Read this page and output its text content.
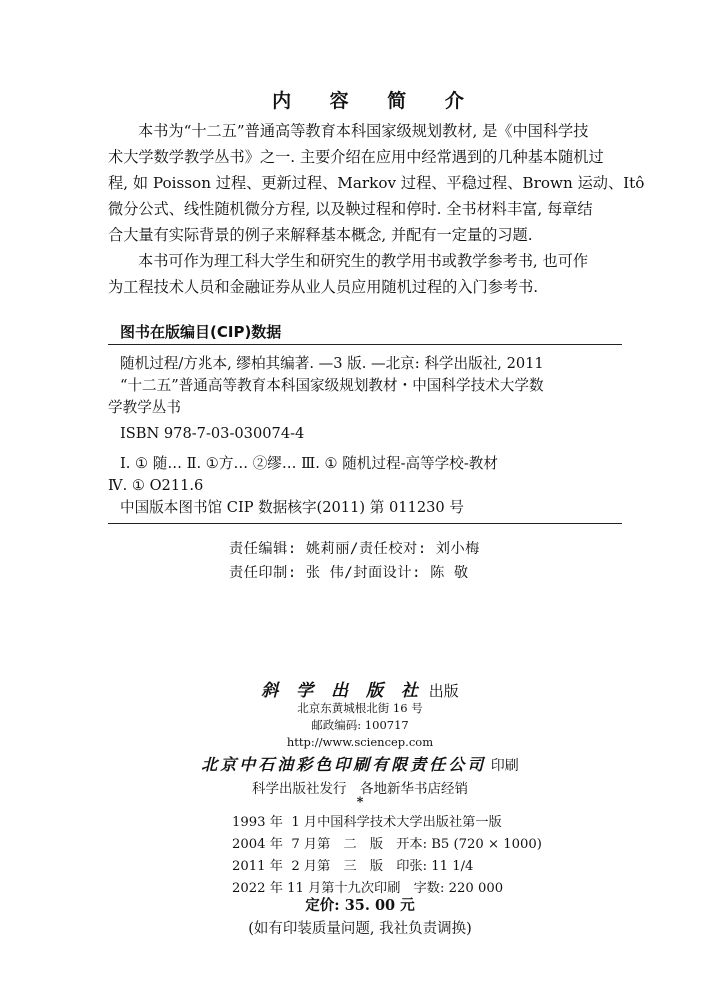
内 容 简 介
本书为“十二五”普通高等教育本科国家级规划教材, 是《中国科学技
术大学数学教学丛书》之一. 主要介绍在应用中经常遇到的几种基本随机过
程, 如 Poisson 过程、更新过程、Markov 过程、平稳过程、Brown 运动、Itô
微分公式、线性随机微分方程, 以及鞅过程和停时. 全书材料丰富, 每章结
合大量有实际背景的例子来解释基本概念, 并配有一定量的习题.
本书可作为理工科大学生和研究生的教学用书或教学参考书, 也可作
为工程技术人员和金融证券从业人员应用随机过程的入门参考书.
图书在版编目(CIP)数据
随机过程/方兆本, 缪柏其编著. —3 版. —北京: 科学出版社, 2011
“十二五”普通高等教育本科国家级规划教材・中国科学技术大学数
学教学丛书
ISBN 978-7-03-030074-4
I. ① 随… Ⅱ. ①方… ②缪… Ⅲ. ① 随机过程-高等学校-教材
Ⅳ. ① O211.6
中国版本图书馆 CIP 数据核字(2011) 第 011230 号
责任编辑: 姚莉丽/责任校对: 刘小梅
责任印制: 张 伟/封面设计: 陈 敬
斜 学 出 版 社 出版
北京东黄城根北街 16 号
邮政编码: 100717
http://www.sciencep.com
北京中石油彩色印刷有限责任公司 印刷
科学出版社发行　各地新华书店经销
*
1993 年  1 月中国科学技术大学出版社第一版
2004 年  7 月第　二　版　开本: B5 (720 × 1000)
2011 年  2 月第　三　版　印张: 11 1/4
2022 年 11 月第十九次印刷　字数: 220 000
定价: 35. 00 元
(如有印装质量问题, 我社负责调换)
